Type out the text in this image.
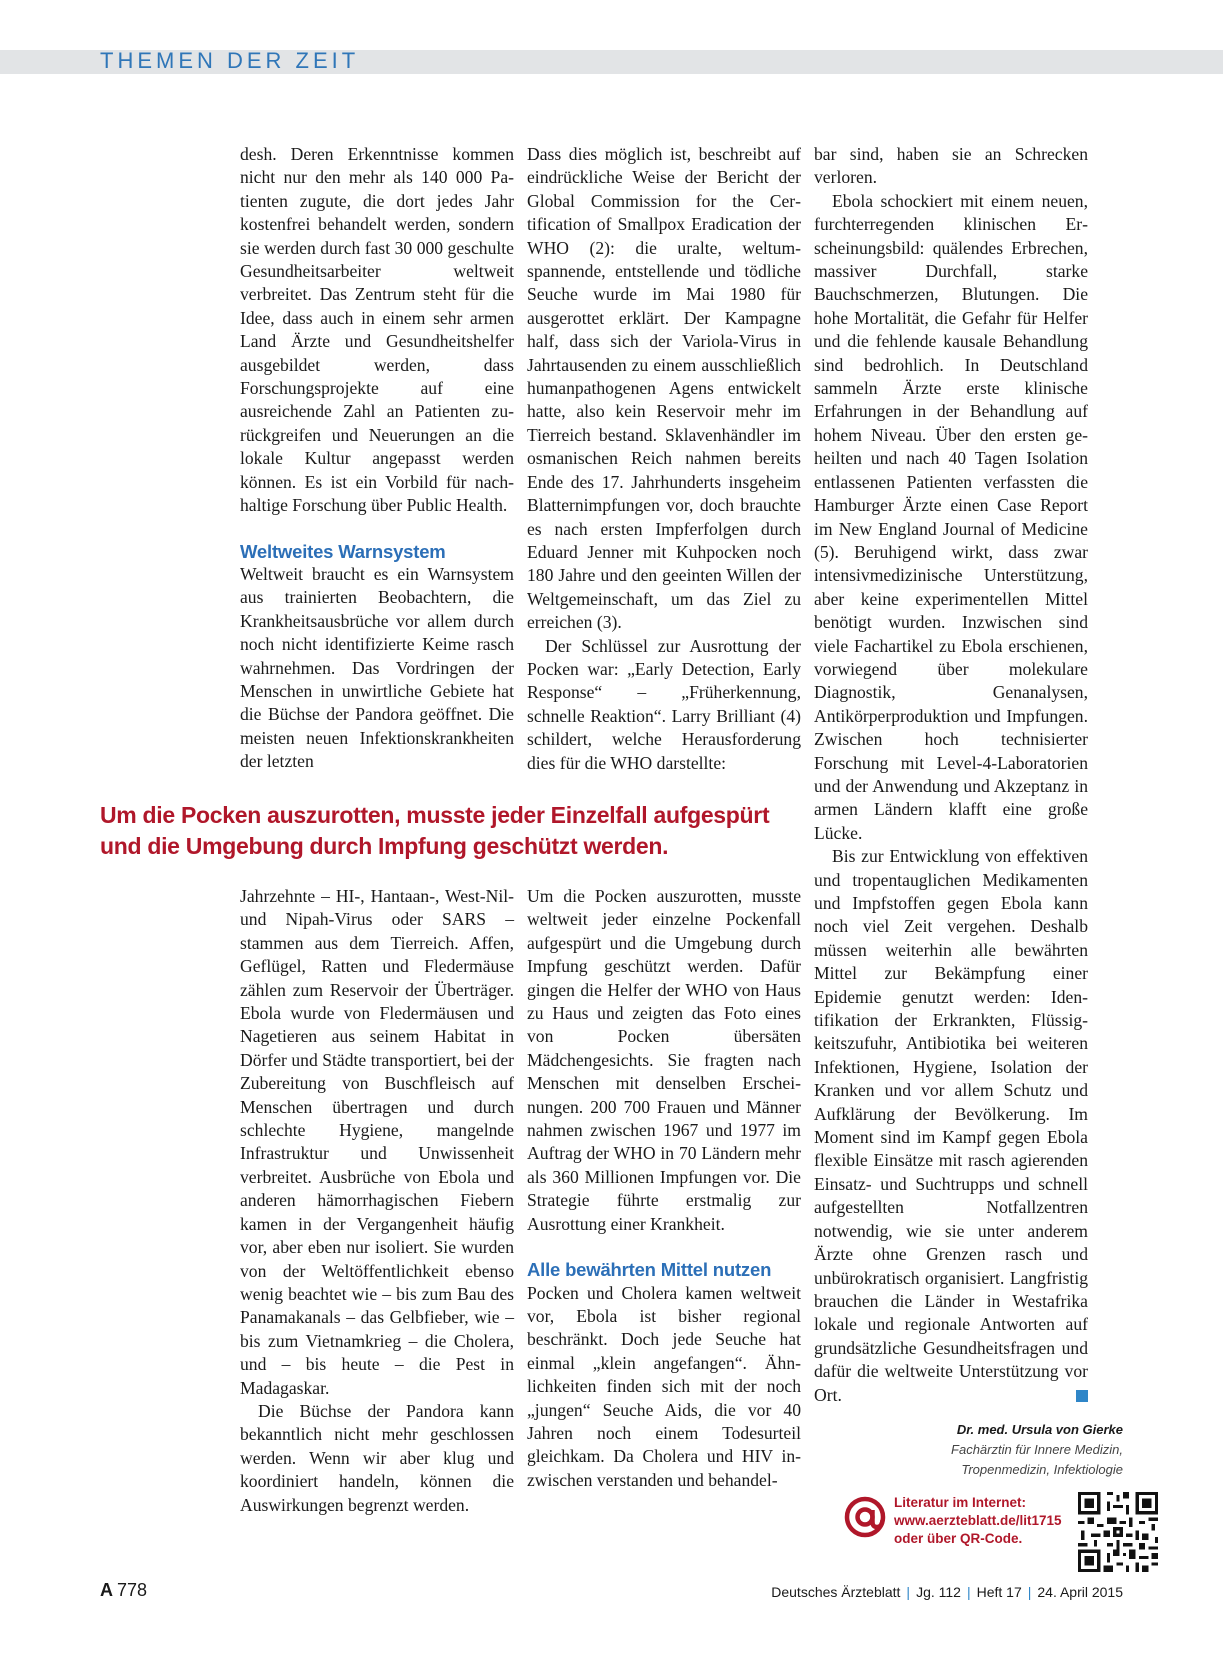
THEMEN DER ZEIT

desh. Deren Erkenntnisse kommen nicht nur den mehr als 140 000 Patienten zugute, die dort jedes Jahr kostenfrei behandelt werden, sondern sie werden durch fast 30 000 geschulte Gesundheitsarbeiter weltweit verbreitet. Das Zentrum steht für die Idee, dass auch in einem sehr armen Land Ärzte und Gesundheitshelfer ausgebildet werden, dass Forschungsprojekte auf eine ausreichende Zahl an Patienten zurückgreifen und Neuerungen an die lokale Kultur angepasst werden können. Es ist ein Vorbild für nachhaltige Forschung über Public Health.

Weltweites Warnsystem

Weltweit braucht es ein Warnsystem aus trainierten Beobachtern, die Krankheitsausbrüche vor allem durch noch nicht identifizierte Keime rasch wahrnehmen. Das Vordringen der Menschen in unwirtliche Gebiete hat die Büchse der Pandora geöffnet. Die meisten neuen Infektionskrankheiten der letzten

Dass dies möglich ist, beschreibt auf eindrückliche Weise der Bericht der Global Commission for the Certification of Smallpox Eradication der WHO (2): die uralte, weltumspannende, entstellende und tödliche Seuche wurde im Mai 1980 für ausgerottet erklärt. Der Kampagne half, dass sich der Variola-Virus in Jahrtausenden zu einem ausschließlich humanpathogenen Agens entwickelt hatte, also kein Reservoir mehr im Tierreich bestand. Sklavenhändler im osmanischen Reich nahmen bereits Ende des 17. Jahrhunderts insgeheim Blatternimpfungen vor, doch brauchte es nach ersten Impferfolgen durch Eduard Jenner mit Kuhpocken noch 180 Jahre und den geeinten Willen der Weltgemeinschaft, um das Ziel zu erreichen (3).

Der Schlüssel zur Ausrottung der Pocken war: „Early Detection, Early Response“ – „Früherkennung, schnelle Reaktion“. Larry Brilliant (4) schildert, welche Herausforderung dies für die WHO darstellte:

bar sind, haben sie an Schrecken verloren.

Ebola schockiert mit einem neuen, furchterregenden klinischen Erscheinungsbild: quälendes Erbrechen, massiver Durchfall, starke Bauchschmerzen, Blutungen. Die hohe Mortalität, die Gefahr für Helfer und die fehlende kausale Behandlung sind bedrohlich. In Deutschland sammeln Ärzte erste klinische Erfahrungen in der Behandlung auf hohem Niveau. Über den ersten geheilten und nach 40 Tagen Isolation entlassenen Patienten verfassten die Hamburger Ärzte einen Case Report im New England Journal of Medicine (5). Beruhigend wirkt, dass zwar intensivmedizinische Unterstützung, aber keine experimentellen Mittel benötigt wurden. Inzwischen sind viele Fachartikel zu Ebola erschienen, vorwiegend über molekulare Diagnostik, Genanalysen, Antikörperproduktion und Impfungen. Zwischen hoch technisierter Forschung mit Level-4-Laboratorien und der Anwendung und Akzeptanz in armen Ländern klafft eine große Lücke.

Bis zur Entwicklung von effektiven und tropentauglichen Medikamenten und Impfstoffen gegen Ebola kann noch viel Zeit vergehen. Deshalb müssen weiterhin alle bewährten Mittel zur Bekämpfung einer Epidemie genutzt werden: Identifikation der Erkrankten, Flüssigkeitszufuhr, Antibiotika bei weiteren Infektionen, Hygiene, Isolation der Kranken und vor allem Schutz und Aufklärung der Bevölkerung. Im Moment sind im Kampf gegen Ebola flexible Einsätze mit rasch agierenden Einsatz- und Suchtrupps und schnell aufgestellten Notfallzentren notwendig, wie sie unter anderem Ärzte ohne Grenzen rasch und unbürokratisch organisiert. Langfristig brauchen die Länder in Westafrika lokale und regionale Antworten auf grundsätzliche Gesundheitsfragen und dafür die weltweite Unterstützung vor Ort.

Um die Pocken auszurotten, musste jeder Einzelfall aufgespürt
und die Umgebung durch Impfung geschützt werden.

Jahrzehnte – HI-, Hantaan-, West-Nil- und Nipah-Virus oder SARS – stammen aus dem Tierreich. Affen, Geflügel, Ratten und Fledermäuse zählen zum Reservoir der Überträger. Ebola wurde von Fledermäusen und Nagetieren aus seinem Habitat in Dörfer und Städte transportiert, bei der Zubereitung von Buschfleisch auf Menschen übertragen und durch schlechte Hygiene, mangelnde Infrastruktur und Unwissenheit verbreitet. Ausbrüche von Ebola und anderen hämorrhagischen Fiebern kamen in der Vergangenheit häufig vor, aber eben nur isoliert. Sie wurden von der Weltöffentlichkeit ebenso wenig beachtet wie – bis zum Bau des Panamakanals – das Gelbfieber, wie – bis zum Vietnamkrieg – die Cholera, und – bis heute – die Pest in Madagaskar.

Die Büchse der Pandora kann bekanntlich nicht mehr geschlossen werden. Wenn wir aber klug und koordiniert handeln, können die Auswirkungen begrenzt werden.

Um die Pocken auszurotten, musste weltweit jeder einzelne Pockenfall aufgespürt und die Umgebung durch Impfung geschützt werden. Dafür gingen die Helfer der WHO von Haus zu Haus und zeigten das Foto eines von Pocken übersäten Mädchengesichts. Sie fragten nach Menschen mit denselben Erscheinungen. 200 700 Frauen und Männer nahmen zwischen 1967 und 1977 im Auftrag der WHO in 70 Ländern mehr als 360 Millionen Impfungen vor. Die Strategie führte erstmalig zur Ausrottung einer Krankheit.

Alle bewährten Mittel nutzen

Pocken und Cholera kamen weltweit vor, Ebola ist bisher regional beschränkt. Doch jede Seuche hat einmal „klein angefangen“. Ähnlichkeiten finden sich mit der noch „jungen“ Seuche Aids, die vor 40 Jahren noch einem Todesurteil gleichkam. Da Cholera und HIV inzwischen verstanden und behandel-

Dr. med. Ursula von Gierke
Fachärztin für Innere Medizin,
Tropenmedizin, Infektiologie
Literatur im Internet:
www.aerzteblatt.de/lit1715
oder über QR-Code.
A 778	Deutsches Ärzteblatt | Jg. 112 | Heft 17 | 24. April 2015
